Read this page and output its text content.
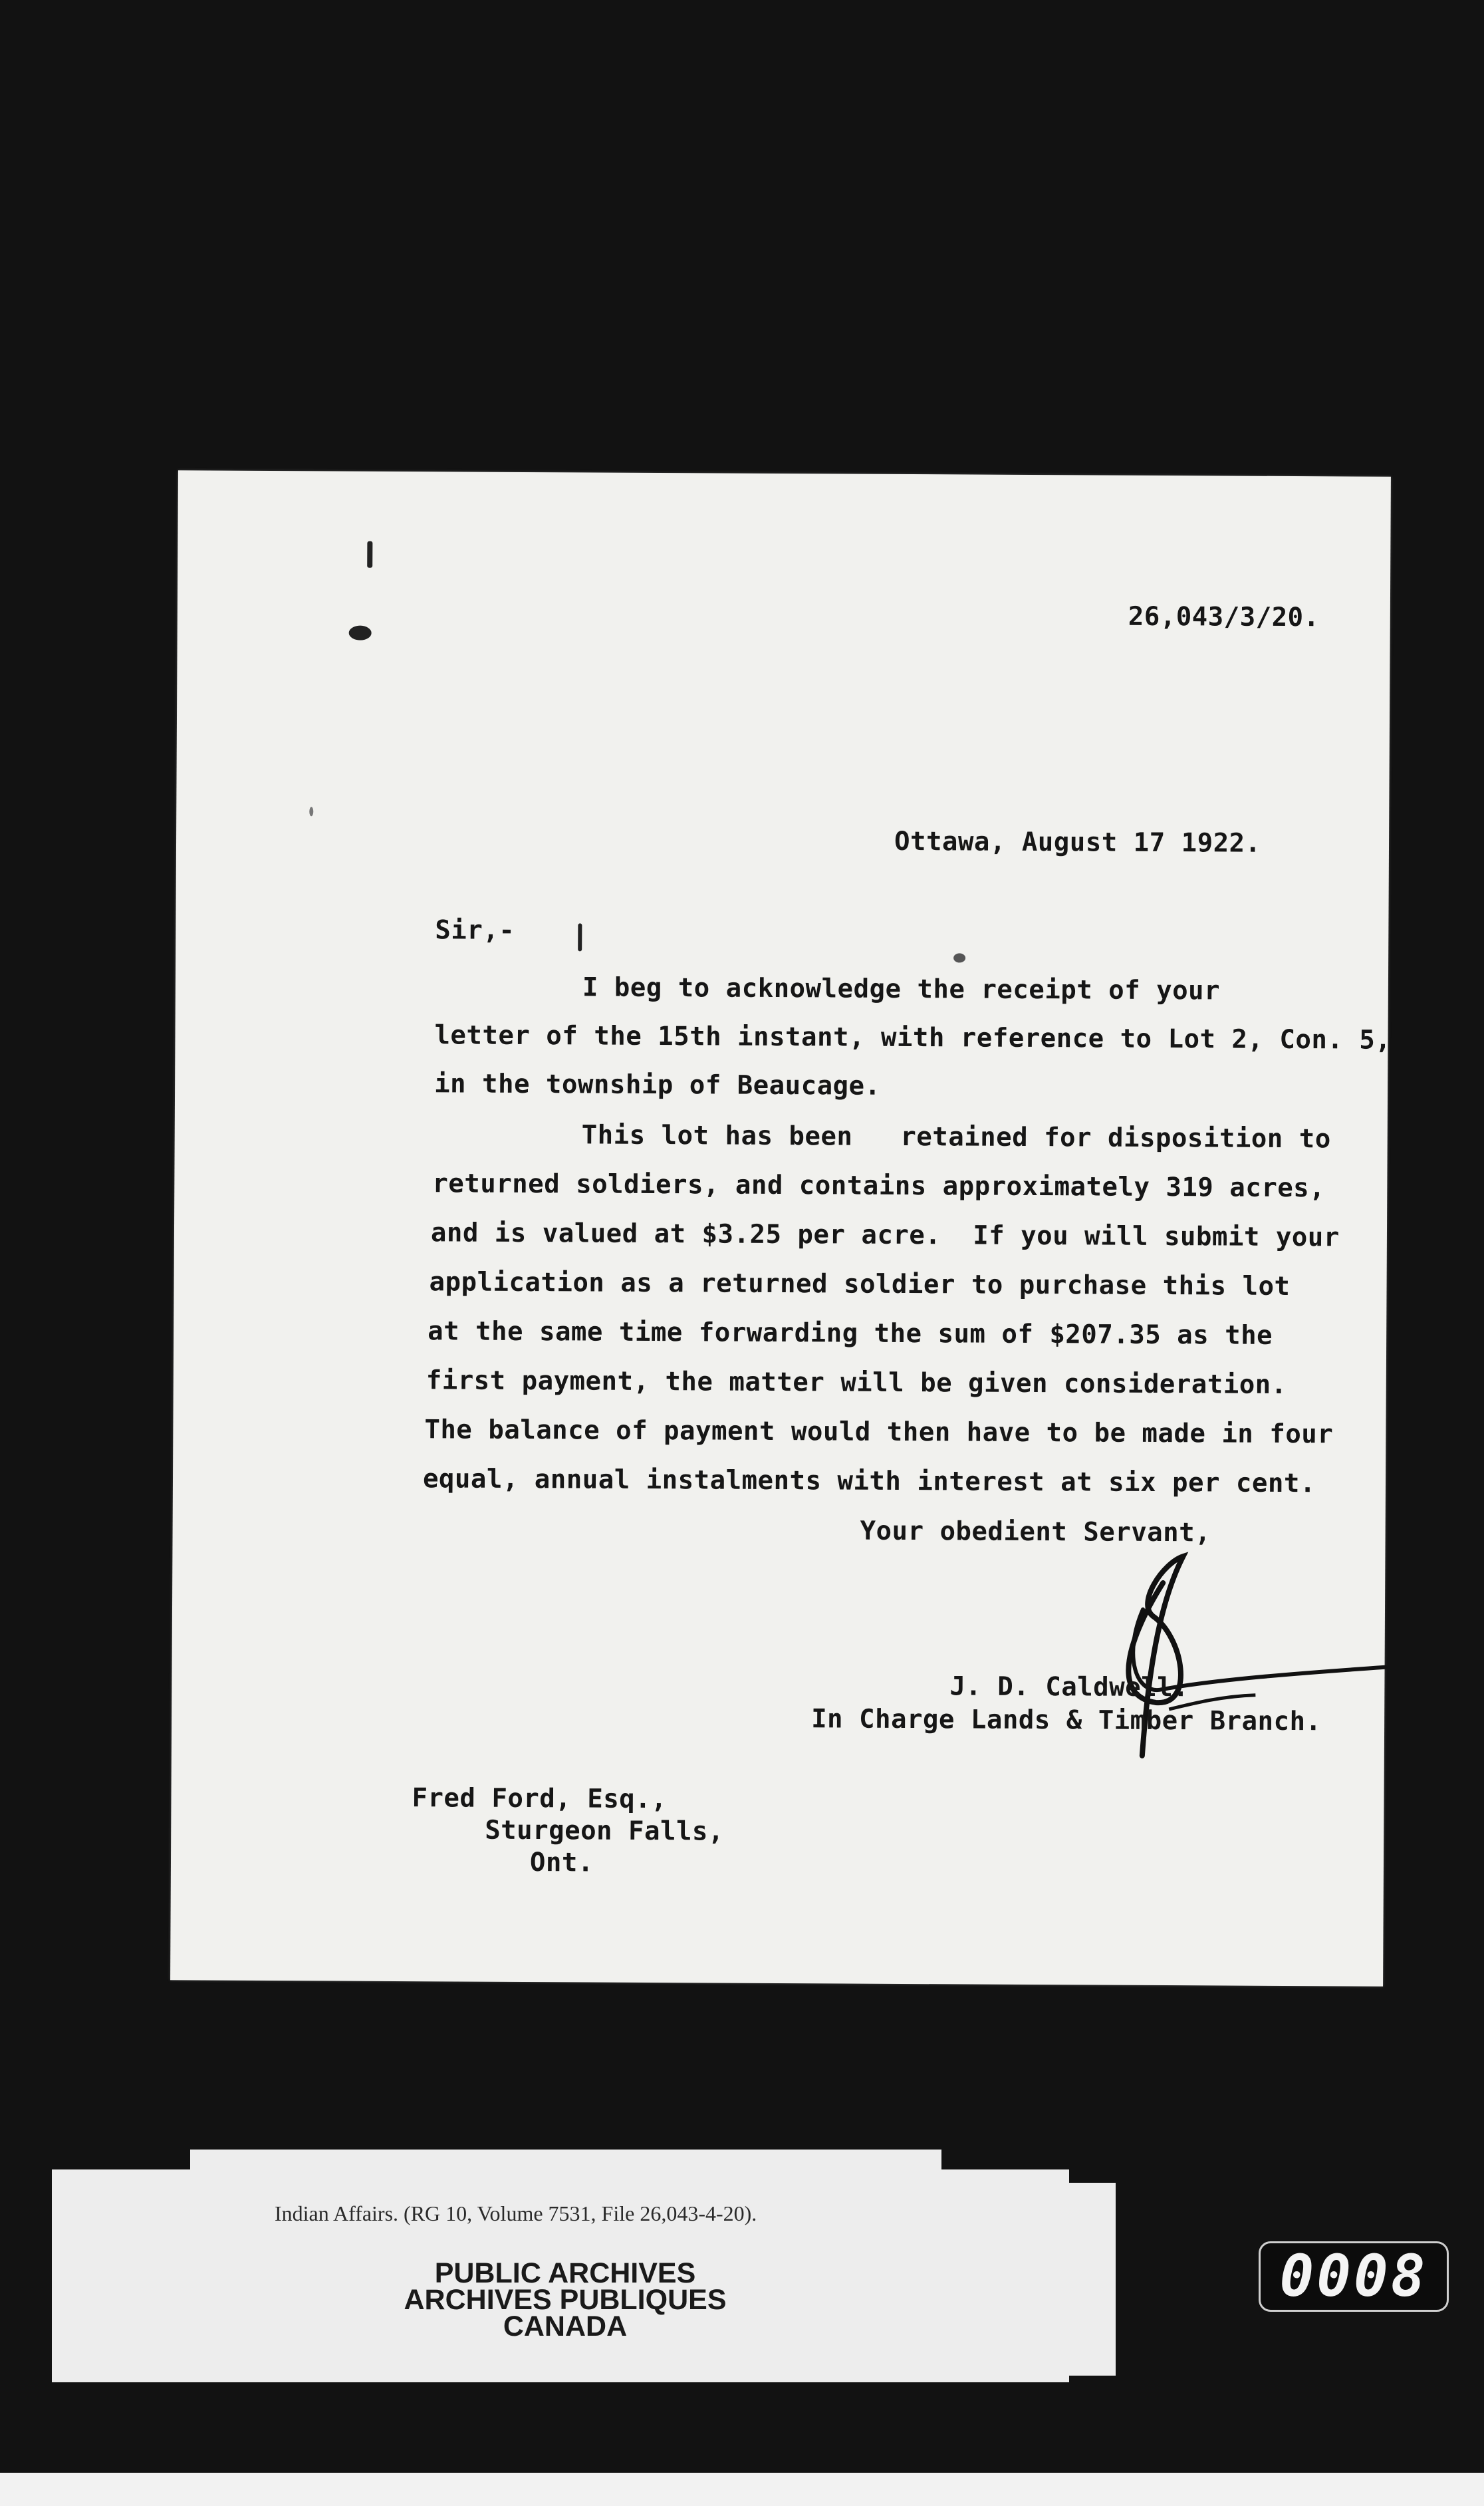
26,043/3/20.
Ottawa, August 17 1922.
Sir,-
I beg to acknowledge the receipt of your
letter of the 15th instant, with reference to Lot 2, Con. 5,
in the township of Beaucage.
This lot has been   retained for disposition to
returned soldiers, and contains approximately 319 acres,
and is valued at $3.25 per acre.  If you will submit your
application as a returned soldier to purchase this lot
at the same time forwarding the sum of $207.35 as the
first payment, the matter will be given consideration.
The balance of payment would then have to be made in four
equal, annual instalments with interest at six per cent.
Your obedient Servant,
J. D. Caldwell.
In Charge Lands & Timber Branch.
Fred Ford, Esq.,
Sturgeon Falls,
Ont.
Indian Affairs. (RG 10, Volume 7531, File 26,043-4-20).
PUBLIC ARCHIVES
ARCHIVES PUBLIQUES
CANADA
0008
